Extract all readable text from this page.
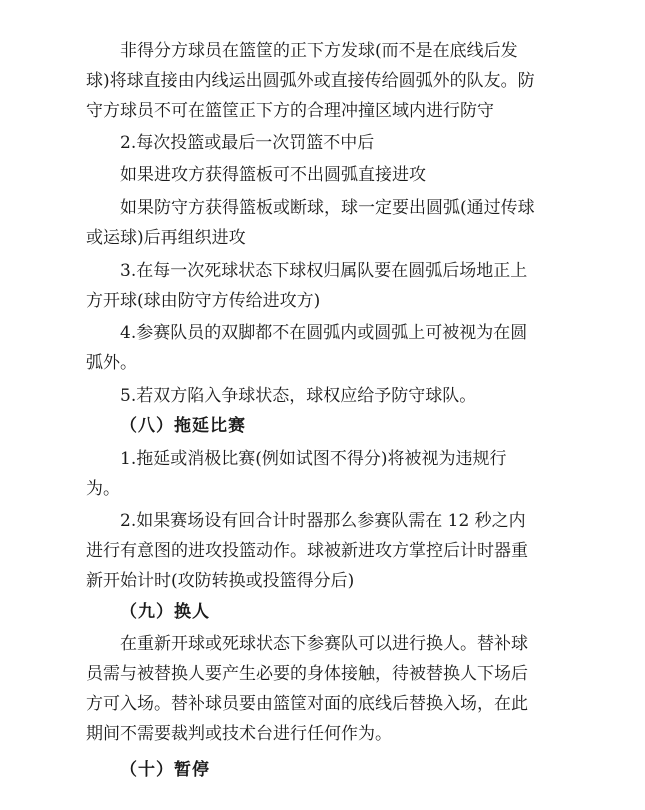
非得分方球员在篮筐的正下方发球(而不是在底线后发
球)将球直接由内线运出圆弧外或直接传给圆弧外的队友。防
守方球员不可在篮筐正下方的合理冲撞区域内进行防守
2.每次投篮或最后一次罚篮不中后
如果进攻方获得篮板可不出圆弧直接进攻
如果防守方获得篮板或断球，球一定要出圆弧(通过传球
或运球)后再组织进攻
3.在每一次死球状态下球权归属队要在圆弧后场地正上
方开球(球由防守方传给进攻方)
4.参赛队员的双脚都不在圆弧内或圆弧上可被视为在圆
弧外。
5.若双方陷入争球状态，球权应给予防守球队。
（八）拖延比赛
1.拖延或消极比赛(例如试图不得分)将被视为违规行
为。
2.如果赛场设有回合计时器那么参赛队需在 12 秒之内
进行有意图的进攻投篮动作。球被新进攻方掌控后计时器重
新开始计时(攻防转换或投篮得分后)
（九）换人
在重新开球或死球状态下参赛队可以进行换人。替补球
员需与被替换人要产生必要的身体接触，待被替换人下场后
方可入场。替补球员要由篮筐对面的底线后替换入场，在此
期间不需要裁判或技术台进行任何作为。
（十）暂停
